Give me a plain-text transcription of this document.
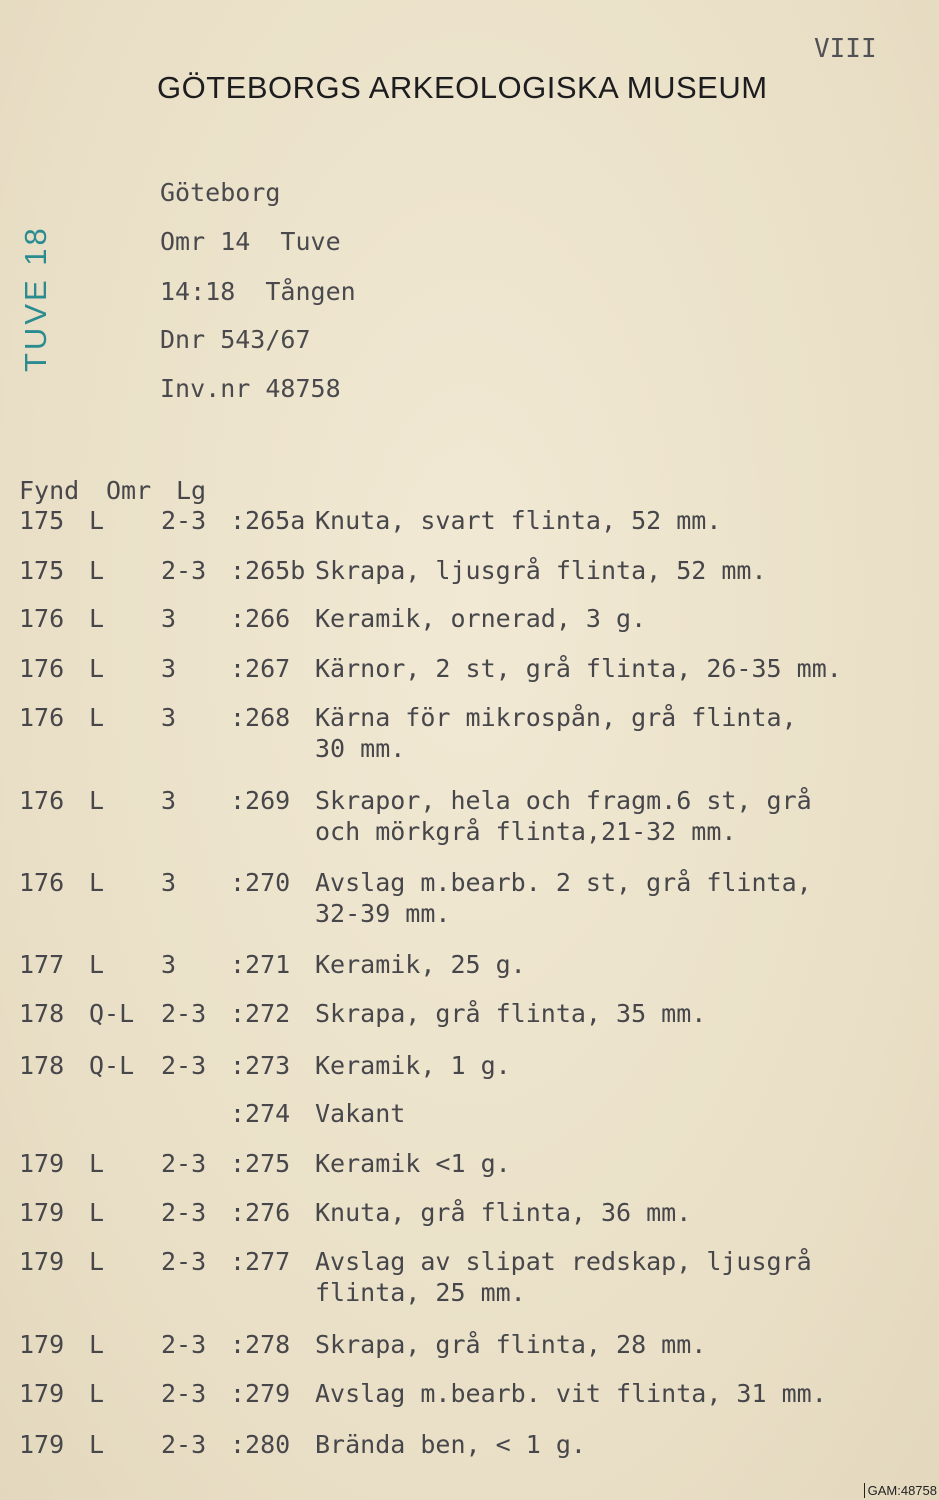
VIII
GÖTEBORGS ARKEOLOGISKA MUSEUM
TUVE 18
Göteborg
Omr 14  Tuve
14:18  Tången
Dnr 543/67
Inv.nr 48758
Fynd Omr Lg
175 L 2-3 :265a Knuta, svart flinta, 52 mm.
175 L 2-3 :265b Skrapa, ljusgrå flinta, 52 mm.
176 L 3 :266 Keramik, ornerad, 3 g.
176 L 3 :267 Kärnor, 2 st, grå flinta, 26-35 mm.
176 L 3 :268 Kärna för mikrospån, grå flinta,
30 mm.
176 L 3 :269 Skrapor, hela och fragm.6 st, grå
och mörkgrå flinta,21-32 mm.
176 L 3 :270 Avslag m.bearb. 2 st, grå flinta,
32-39 mm.
177 L 3 :271 Keramik, 25 g.
178 Q-L 2-3 :272 Skrapa, grå flinta, 35 mm.
178 Q-L 2-3 :273 Keramik, 1 g.
:274 Vakant
179 L 2-3 :275 Keramik <1 g.
179 L 2-3 :276 Knuta, grå flinta, 36 mm.
179 L 2-3 :277 Avslag av slipat redskap, ljusgrå
flinta, 25 mm.
179 L 2-3 :278 Skrapa, grå flinta, 28 mm.
179 L 2-3 :279 Avslag m.bearb. vit flinta, 31 mm.
179 L 2-3 :280 Brända ben, < 1 g.
GAM:48758
